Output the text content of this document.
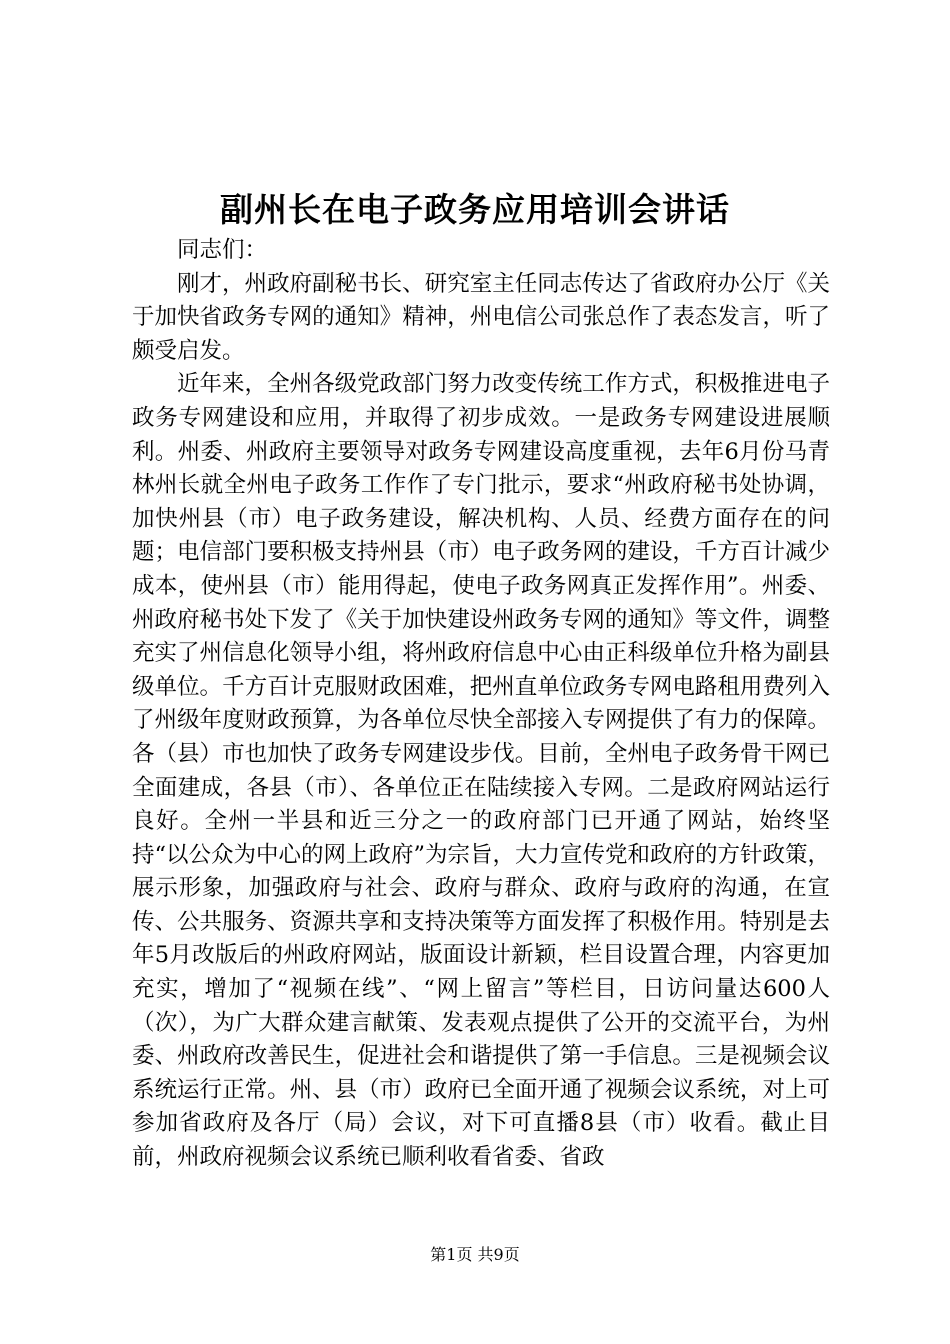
副州长在电子政务应用培训会讲话

同志们：

刚才，州政府副秘书长、研究室主任同志传达了省政府办公厅《关于加快省政务专网的通知》精神，州电信公司张总作了表态发言，听了颇受启发。

近年来，全州各级党政部门努力改变传统工作方式，积极推进电子政务专网建设和应用，并取得了初步成效。一是政务专网建设进展顺利。州委、州政府主要领导对政务专网建设高度重视，去年6月份马青林州长就全州电子政务工作作了专门批示，要求“州政府秘书处协调，加快州县（市）电子政务建设，解决机构、人员、经费方面存在的问题；电信部门要积极支持州县（市）电子政务网的建设，千方百计减少成本，使州县（市）能用得起，使电子政务网真正发挥作用”。州委、州政府秘书处下发了《关于加快建设州政务专网的通知》等文件，调整充实了州信息化领导小组，将州政府信息中心由正科级单位升格为副县级单位。千方百计克服财政困难，把州直单位政务专网电路租用费列入了州级年度财政预算，为各单位尽快全部接入专网提供了有力的保障。各（县）市也加快了政务专网建设步伐。目前，全州电子政务骨干网已全面建成，各县（市）、各单位正在陆续接入专网。二是政府网站运行良好。全州一半县和近三分之一的政府部门已开通了网站，始终坚持“以公众为中心的网上政府”为宗旨，大力宣传党和政府的方针政策，展示形象，加强政府与社会、政府与群众、政府与政府的沟通，在宣传、公共服务、资源共享和支持决策等方面发挥了积极作用。特别是去年5月改版后的州政府网站，版面设计新颖，栏目设置合理，内容更加充实，增加了“视频在线”、“网上留言”等栏目，日访问量达600人（次），为广大群众建言献策、发表观点提供了公开的交流平台，为州委、州政府改善民生，促进社会和谐提供了第一手信息。三是视频会议系统运行正常。州、县（市）政府已全面开通了视频会议系统，对上可参加省政府及各厅（局）会议，对下可直播8县（市）收看。截止目前，州政府视频会议系统已顺利收看省委、省政

第1页 共9页
